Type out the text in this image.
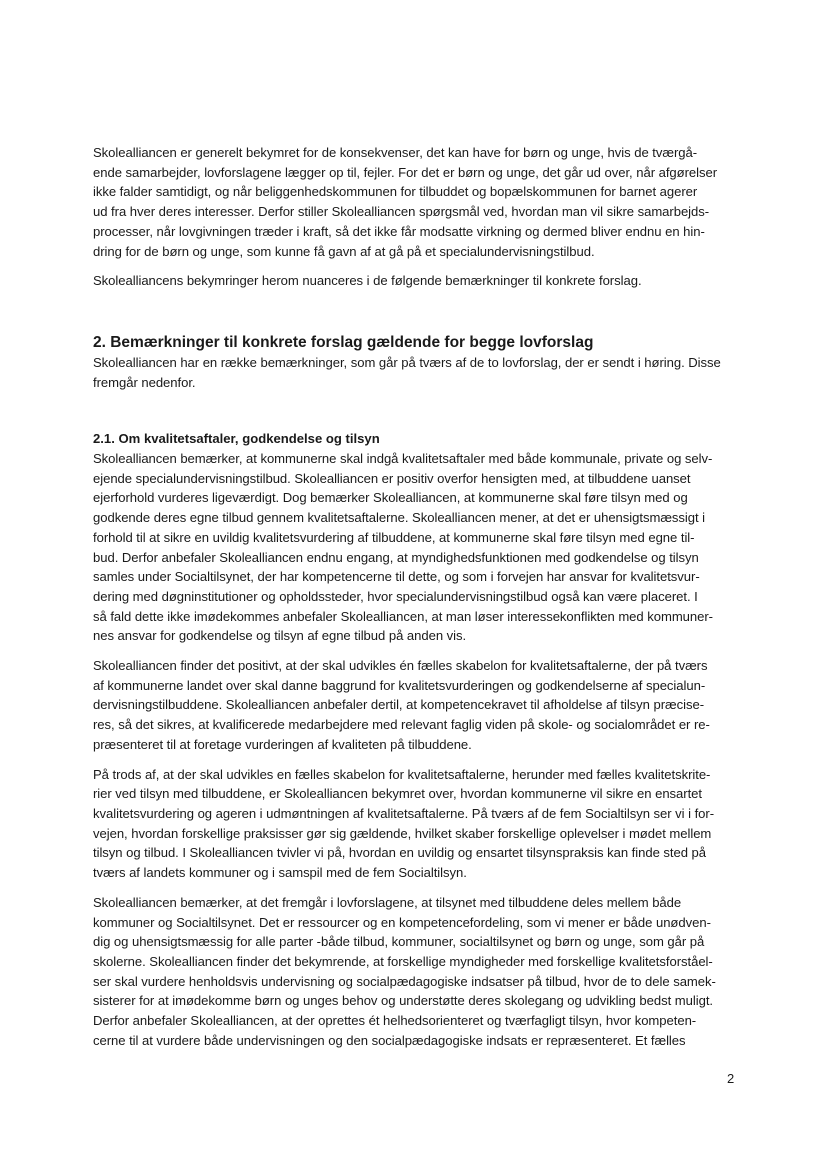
Skolealliancen er generelt bekymret for de konsekvenser, det kan have for børn og unge, hvis de tværgå-
ende samarbejder, lovforslagene lægger op til, fejler. For det er børn og unge, det går ud over, når afgørelser
ikke falder samtidigt, og når beliggenhedskommunen for tilbuddet og bopælskommunen for barnet agerer
ud fra hver deres interesser. Derfor stiller Skolealliancen spørgsmål ved, hvordan man vil sikre samarbejds-
processer, når lovgivningen træder i kraft, så det ikke får modsatte virkning og dermed bliver endnu en hin-
dring for de børn og unge, som kunne få gavn af at gå på et specialundervisningstilbud.
Skolealliancens bekymringer herom nuanceres i de følgende bemærkninger til konkrete forslag.
2. Bemærkninger til konkrete forslag gældende for begge lovforslag
Skolealliancen har en række bemærkninger, som går på tværs af de to lovforslag, der er sendt i høring. Disse
fremgår nedenfor.
2.1. Om kvalitetsaftaler, godkendelse og tilsyn
Skolealliancen bemærker, at kommunerne skal indgå kvalitetsaftaler med både kommunale, private og selv-
ejende specialundervisningstilbud. Skolealliancen er positiv overfor hensigten med, at tilbuddene uanset
ejerforhold vurderes ligeværdigt. Dog bemærker Skolealliancen, at kommunerne skal føre tilsyn med og
godkende deres egne tilbud gennem kvalitetsaftalerne. Skolealliancen mener, at det er uhensigtsmæssigt i
forhold til at sikre en uvildig kvalitetsvurdering af tilbuddene, at kommunerne skal føre tilsyn med egne til-
bud. Derfor anbefaler Skolealliancen endnu engang, at myndighedsfunktionen med godkendelse og tilsyn
samles under Socialtilsynet, der har kompetencerne til dette, og som i forvejen har ansvar for kvalitetsvur-
dering med døgninstitutioner og opholdssteder, hvor specialundervisningstilbud også kan være placeret. I
så fald dette ikke imødekommes anbefaler Skolealliancen, at man løser interessekonflikten med kommuner-
nes ansvar for godkendelse og tilsyn af egne tilbud på anden vis.
Skolealliancen finder det positivt, at der skal udvikles én fælles skabelon for kvalitetsaftalerne, der på tværs
af kommunerne landet over skal danne baggrund for kvalitetsvurderingen og godkendelserne af specialun-
dervisningstilbuddene. Skolealliancen anbefaler dertil, at kompetencekravet til afholdelse af tilsyn præcise-
res, så det sikres, at kvalificerede medarbejdere med relevant faglig viden på skole- og socialområdet er re-
præsenteret til at foretage vurderingen af kvaliteten på tilbuddene.
På trods af, at der skal udvikles en fælles skabelon for kvalitetsaftalerne, herunder med fælles kvalitetskrite-
rier ved tilsyn med tilbuddene, er Skolealliancen bekymret over, hvordan kommunerne vil sikre en ensartet
kvalitetsvurdering og ageren i udmøntningen af kvalitetsaftalerne. På tværs af de fem Socialtilsyn ser vi i for-
vejen, hvordan forskellige praksisser gør sig gældende, hvilket skaber forskellige oplevelser i mødet mellem
tilsyn og tilbud. I Skolealliancen tvivler vi på, hvordan en uvildig og ensartet tilsynspraksis kan finde sted på
tværs af landets kommuner og i samspil med de fem Socialtilsyn.
Skolealliancen bemærker, at det fremgår i lovforslagene, at tilsynet med tilbuddene deles mellem både
kommuner og Socialtilsynet. Det er ressourcer og en kompetencefordeling, som vi mener er både unødven-
dig og uhensigtsmæssig for alle parter -både tilbud, kommuner, socialtilsynet og børn og unge, som går på
skolerne. Skolealliancen finder det bekymrende, at forskellige myndigheder med forskellige kvalitetsforståel-
ser skal vurdere henholdsvis undervisning og socialpædagogiske indsatser på tilbud, hvor de to dele samek-
sisterer for at imødekomme børn og unges behov og understøtte deres skolegang og udvikling bedst muligt.
Derfor anbefaler Skolealliancen, at der oprettes ét helhedsorienteret og tværfagligt tilsyn, hvor kompeten-
cerne til at vurdere både undervisningen og den socialpædagogiske indsats er repræsenteret. Et fælles
2
